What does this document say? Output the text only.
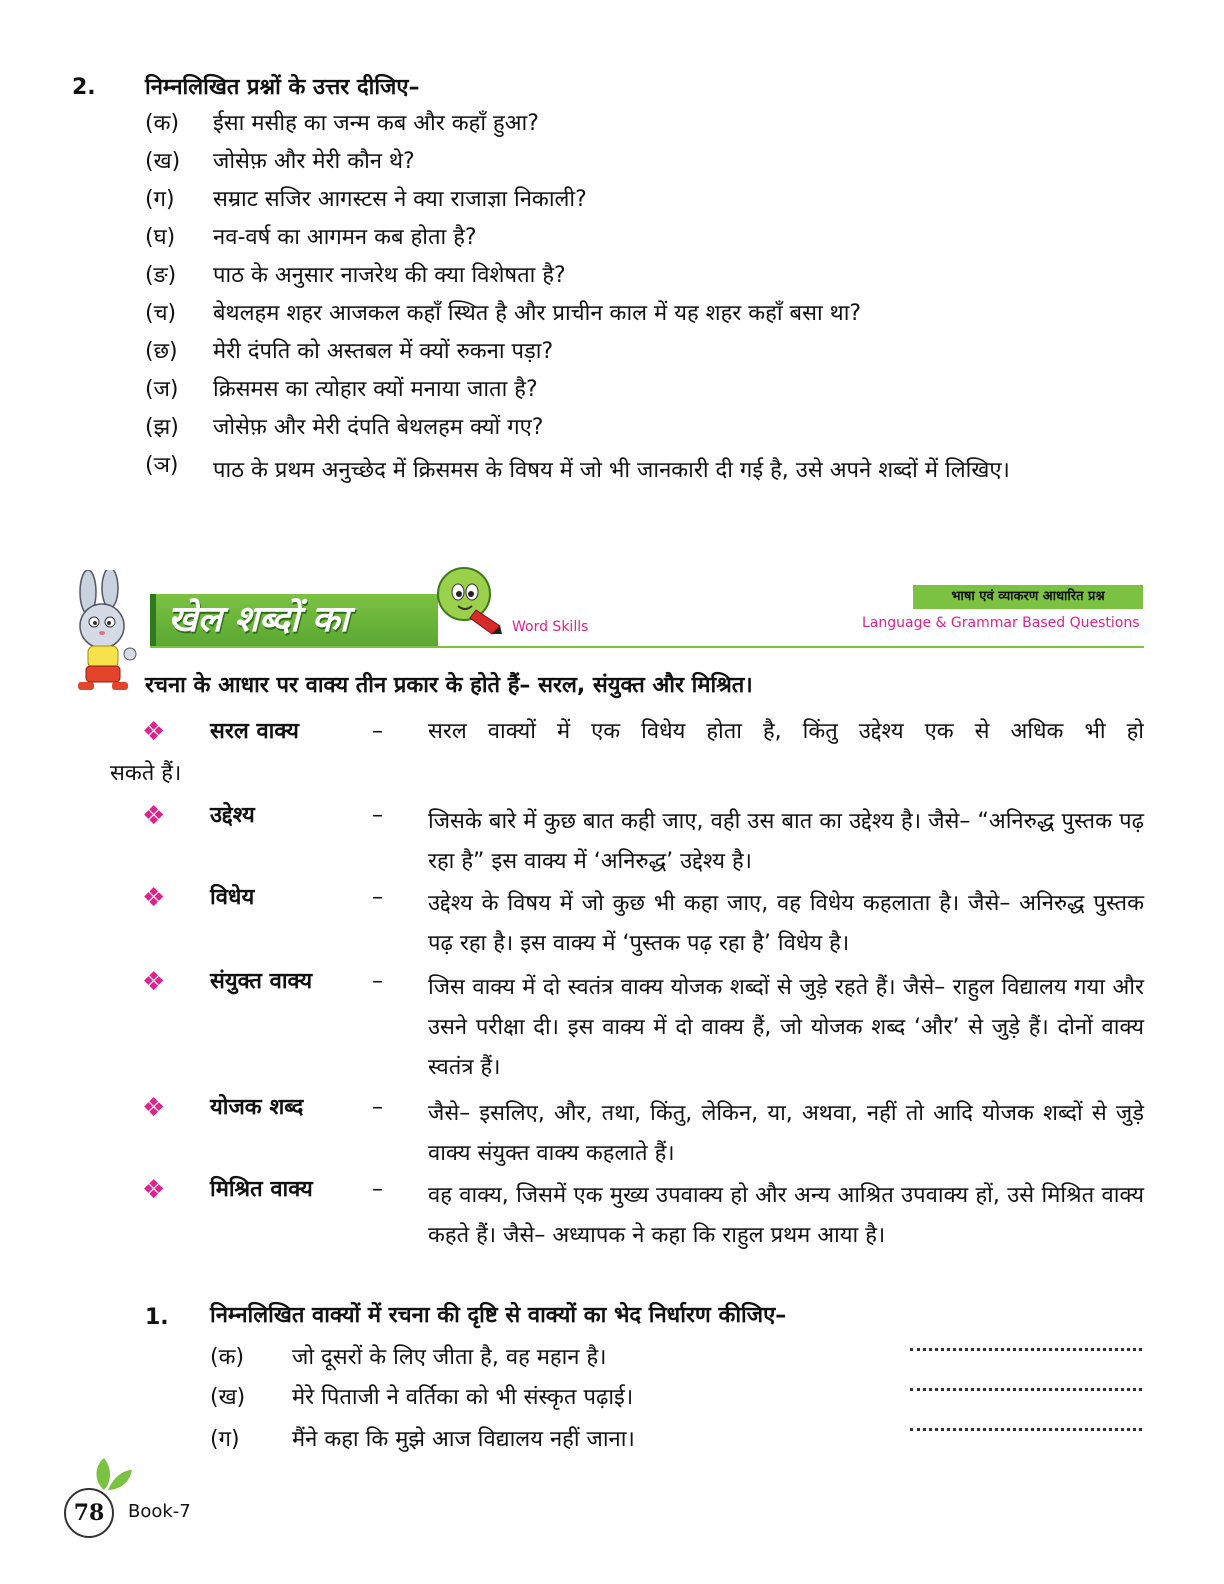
2. निम्नलिखित प्रश्नों के उत्तर दीजिए–
(क) ईसा मसीह का जन्म कब और कहाँ हुआ?
(ख) जोसेफ़ और मेरी कौन थे?
(ग) सम्राट सजिर आगस्टस ने क्या राजाज्ञा निकाली?
(घ) नव-वर्ष का आगमन कब होता है?
(ङ) पाठ के अनुसार नाजरेथ की क्या विशेषता है?
(च) बेथलहम शहर आजकल कहाँ स्थित है और प्राचीन काल में यह शहर कहाँ बसा था?
(छ) मेरी दंपति को अस्तबल में क्यों रुकना पड़ा?
(ज) क्रिसमस का त्योहार क्यों मनाया जाता है?
(झ) जोसेफ़ और मेरी दंपति बेथलहम क्यों गए?
(ञ) पाठ के प्रथम अनुच्छेद में क्रिसमस के विषय में जो भी जानकारी दी गई है, उसे अपने शब्दों में लिखिए।
खेल शब्दों का	Word Skills
भाषा एवं व्याकरण आधारित प्रश्न
Language & Grammar Based Questions
रचना के आधार पर वाक्य तीन प्रकार के होते हैं– सरल, संयुक्त और मिश्रित।
❖ सरल वाक्य	– सरल वाक्यों में एक विधेय होता है, किंतु उद्देश्य एक से अधिक भी हो
सकते हैं।
❖ उद्देश्य	– जिसके बारे में कुछ बात कही जाए, वही उस बात का उद्देश्य है। जैसे– “अनिरुद्ध पुस्तक पढ़ रहा है” इस वाक्य में ‘अनिरुद्ध’ उद्देश्य है।
❖ विधेय	– उद्देश्य के विषय में जो कुछ भी कहा जाए, वह विधेय कहलाता है। जैसे– अनिरुद्ध पुस्तक पढ़ रहा है। इस वाक्य में ‘पुस्तक पढ़ रहा है’ विधेय है।
❖ संयुक्त वाक्य	– जिस वाक्य में दो स्वतंत्र वाक्य योजक शब्दों से जुड़े रहते हैं। जैसे– राहुल विद्यालय गया और उसने परीक्षा दी। इस वाक्य में दो वाक्य हैं, जो योजक शब्द ‘और’ से जुड़े हैं। दोनों वाक्य स्वतंत्र हैं।
❖ योजक शब्द	– जैसे– इसलिए, और, तथा, किंतु, लेकिन, या, अथवा, नहीं तो आदि योजक शब्दों से जुड़े वाक्य संयुक्त वाक्य कहलाते हैं।
❖ मिश्रित वाक्य	– वह वाक्य, जिसमें एक मुख्य उपवाक्य हो और अन्य आश्रित उपवाक्य हों, उसे मिश्रित वाक्य कहते हैं। जैसे– अध्यापक ने कहा कि राहुल प्रथम आया है।
1. निम्नलिखित वाक्यों में रचना की दृष्टि से वाक्यों का भेद निर्धारण कीजिए–
(क) जो दूसरों के लिए जीता है, वह महान है।
(ख) मेरे पिताजी ने वर्तिका को भी संस्कृत पढ़ाई।
(ग) मैंने कहा कि मुझे आज विद्यालय नहीं जाना।
78	Book-7
